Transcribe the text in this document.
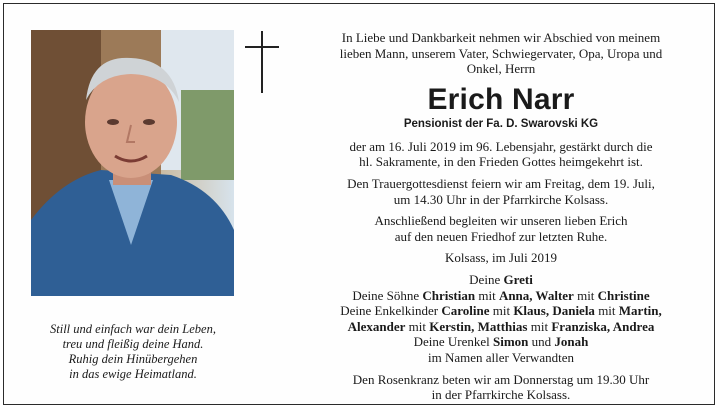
Still und einfach war dein Leben,
treu und fleißig deine Hand.
Ruhig dein Hinübergehen
in das ewige Heimatland.
In Liebe und Dankbarkeit nehmen wir Abschied von meinem
lieben Mann, unserem Vater, Schwiegervater, Opa, Uropa und
Onkel, Herrn
Erich Narr
Pensionist der Fa. D. Swarovski KG
der am 16. Juli 2019 im 96. Lebensjahr, gestärkt durch die
hl. Sakramente, in den Frieden Gottes heimgekehrt ist.
Den Trauergottesdienst feiern wir am Freitag, dem 19. Juli,
um 14.30 Uhr in der Pfarrkirche Kolsass.
Anschließend begleiten wir unseren lieben Erich
auf den neuen Friedhof zur letzten Ruhe.
Kolsass, im Juli 2019
Deine Greti
Deine Söhne Christian mit Anna, Walter mit Christine
Deine Enkelkinder Caroline mit Klaus, Daniela mit Martin,
Alexander mit Kerstin, Matthias mit Franziska, Andrea
Deine Urenkel Simon und Jonah
im Namen aller Verwandten
Den Rosenkranz beten wir am Donnerstag um 19.30 Uhr
in der Pfarrkirche Kolsass.
